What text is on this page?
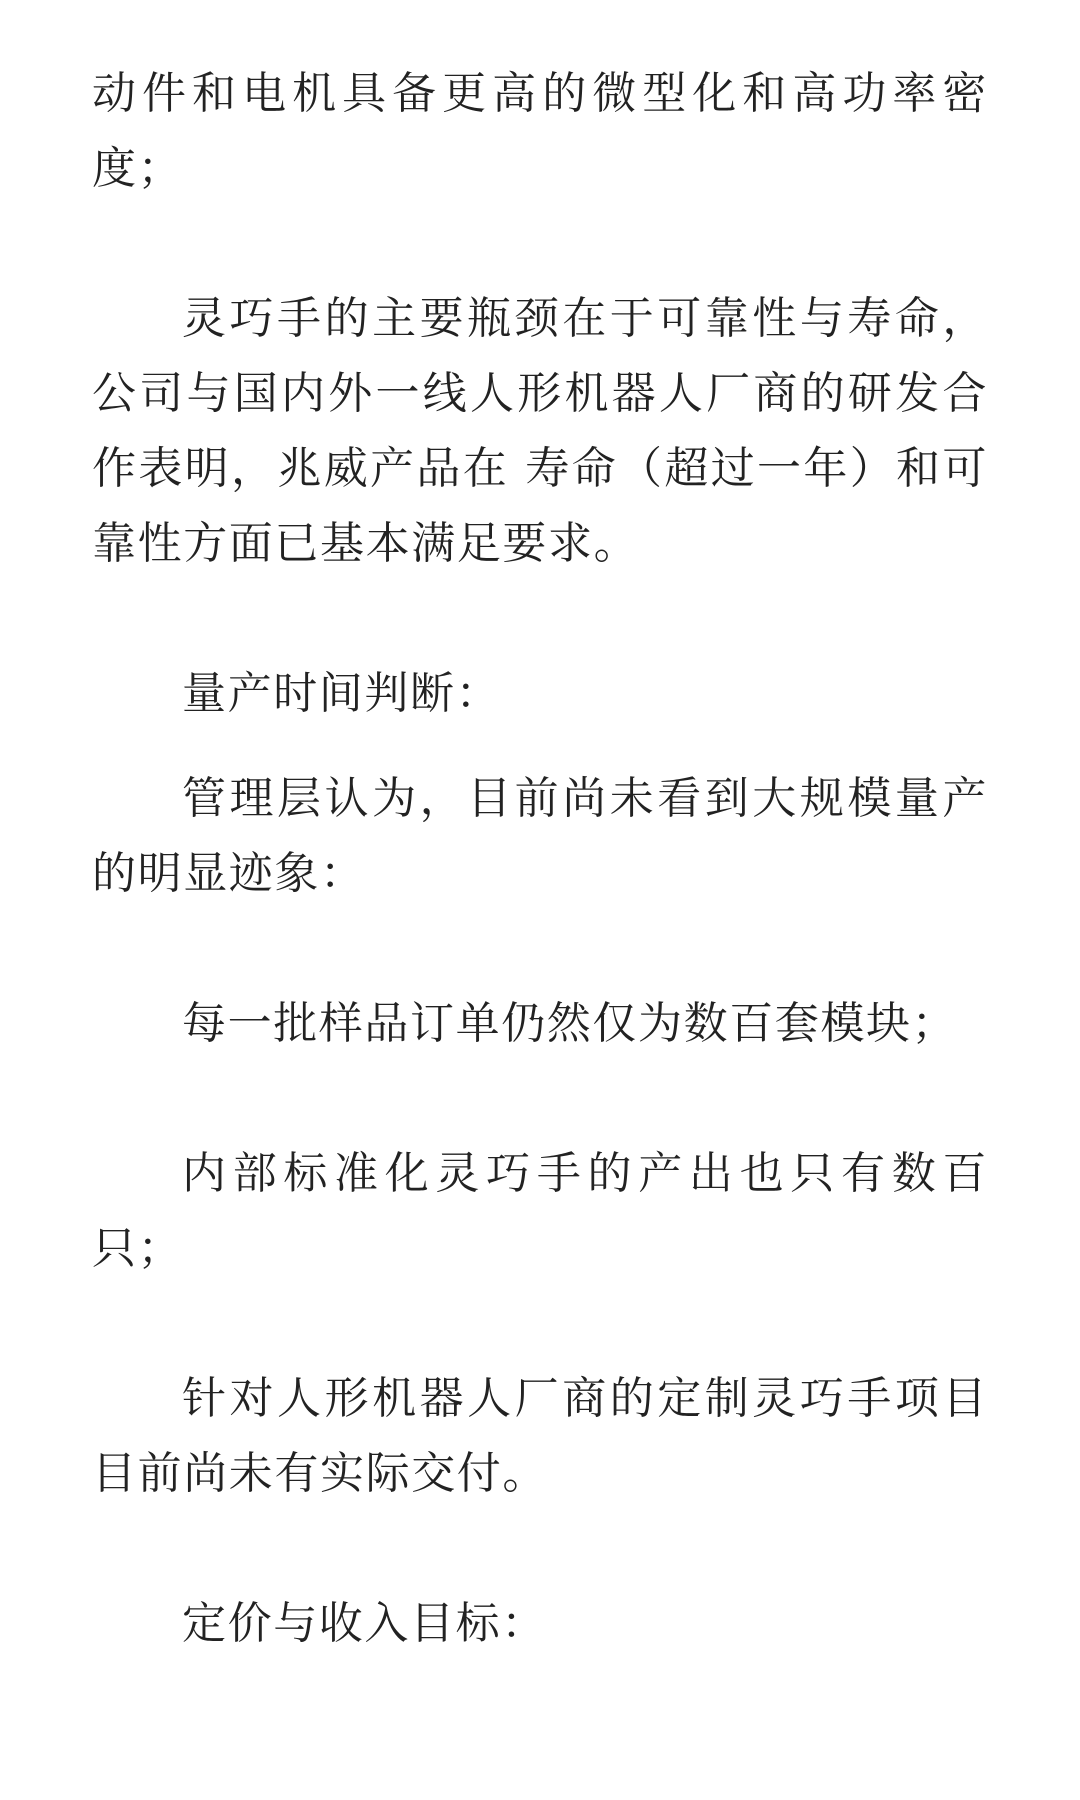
动件和电机具备更高的微型化和高功率密度；

灵巧手的主要瓶颈在于可靠性与寿命，公司与国内外一线人形机器人厂商的研发合作表明，兆威产品在 寿命（超过一年）和可靠性方面已基本满足要求。

量产时间判断：

管理层认为，目前尚未看到大规模量产的明显迹象：

每一批样品订单仍然仅为数百套模块；

内部标准化灵巧手的产出也只有数百只；

针对人形机器人厂商的定制灵巧手项目目前尚未有实际交付。

定价与收入目标：
